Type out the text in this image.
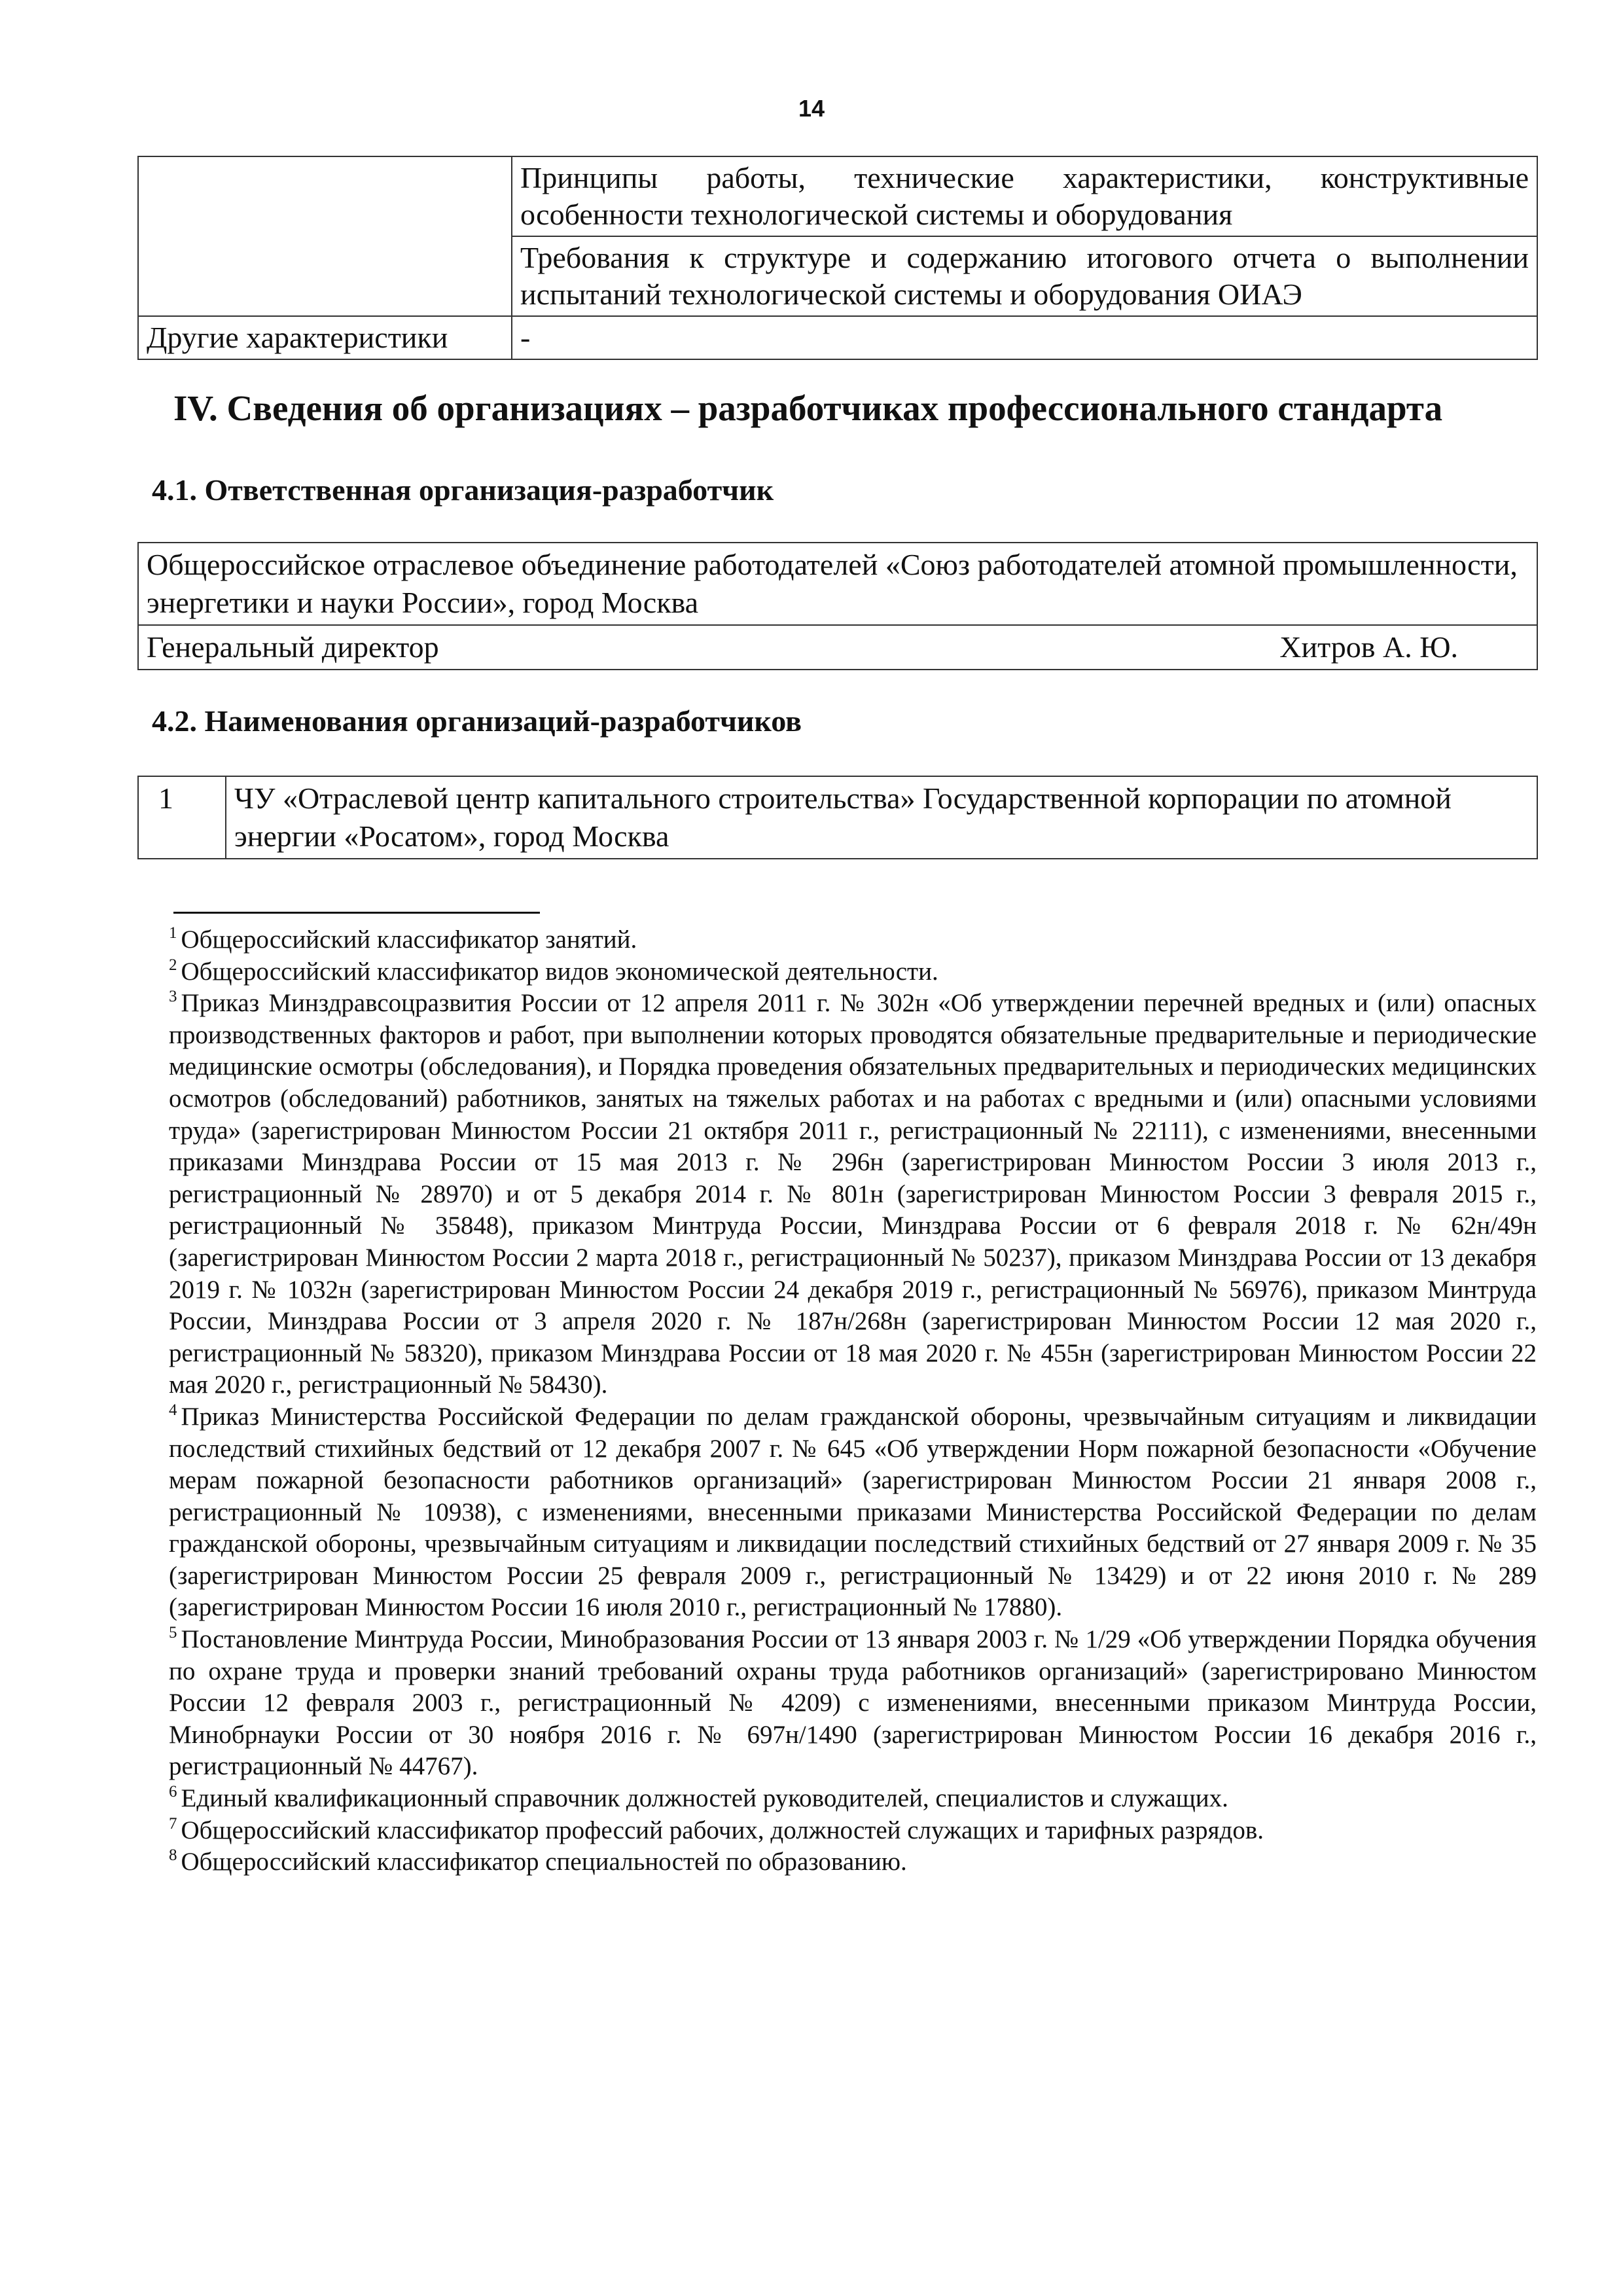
14
	Принципы работы, технические характеристики, конструктивные особенности технологической системы и оборудования
	Требования к структуре и содержанию итогового отчета о выполнении испытаний технологической системы и оборудования ОИАЭ
Другие характеристики	-
IV. Сведения об организациях – разработчиках профессионального стандарта
4.1. Ответственная организация-разработчик
Общероссийское отраслевое объединение работодателей «Союз работодателей атомной промышленности, энергетики и науки России», город Москва
Генеральный директор	Хитров А. Ю.
4.2. Наименования организаций-разработчиков
1	ЧУ «Отраслевой центр капитального строительства» Государственной корпорации по атомной энергии «Росатом», город Москва

$^1$ Общероссийский классификатор занятий.

$^2$ Общероссийский классификатор видов экономической деятельности.

$^3$ Приказ Минздравсоцразвития России от 12 апреля 2011 г. № 302н «Об утверждении перечней вредных и (или) опасных производственных факторов и работ, при выполнении которых проводятся обязательные предварительные и периодические медицинские осмотры (обследования), и Порядка проведения обязательных предварительных и периодических медицинских осмотров (обследований) работников, занятых на тяжелых работах и на работах с вредными и (или) опасными условиями труда» (зарегистрирован Минюстом России 21 октября 2011 г., регистрационный № 22111), с изменениями, внесенными приказами Минздрава России от 15 мая 2013 г. № 296н (зарегистрирован Минюстом России 3 июля 2013 г., регистрационный № 28970) и от 5 декабря 2014 г. № 801н (зарегистрирован Минюстом России 3 февраля 2015 г., регистрационный № 35848), приказом Минтруда России, Минздрава России от 6 февраля 2018 г. № 62н/49н (зарегистрирован Минюстом России 2 марта 2018 г., регистрационный № 50237), приказом Минздрава России от 13 декабря 2019 г. № 1032н (зарегистрирован Минюстом России 24 декабря 2019 г., регистрационный № 56976), приказом Минтруда России, Минздрава России от 3 апреля 2020 г. № 187н/268н (зарегистрирован Минюстом России 12 мая 2020 г., регистрационный № 58320), приказом Минздрава России от 18 мая 2020 г. № 455н (зарегистрирован Минюстом России 22 мая 2020 г., регистрационный № 58430).

$^4$ Приказ Министерства Российской Федерации по делам гражданской обороны, чрезвычайным ситуациям и ликвидации последствий стихийных бедствий от 12 декабря 2007 г. № 645 «Об утверждении Норм пожарной безопасности «Обучение мерам пожарной безопасности работников организаций» (зарегистрирован Минюстом России 21 января 2008 г., регистрационный № 10938), с изменениями, внесенными приказами Министерства Российской Федерации по делам гражданской обороны, чрезвычайным ситуациям и ликвидации последствий стихийных бедствий от 27 января 2009 г. № 35 (зарегистрирован Минюстом России 25 февраля 2009 г., регистрационный № 13429) и от 22 июня 2010 г. № 289 (зарегистрирован Минюстом России 16 июля 2010 г., регистрационный № 17880).

$^5$ Постановление Минтруда России, Минобразования России от 13 января 2003 г. № 1/29 «Об утверждении Порядка обучения по охране труда и проверки знаний требований охраны труда работников организаций» (зарегистрировано Минюстом России 12 февраля 2003 г., регистрационный № 4209) с изменениями, внесенными приказом Минтруда России, Минобрнауки России от 30 ноября 2016 г. № 697н/1490 (зарегистрирован Минюстом России 16 декабря 2016 г., регистрационный № 44767).

$^6$ Единый квалификационный справочник должностей руководителей, специалистов и служащих.

$^7$ Общероссийский классификатор профессий рабочих, должностей служащих и тарифных разрядов.

$^8$ Общероссийский классификатор специальностей по образованию.
